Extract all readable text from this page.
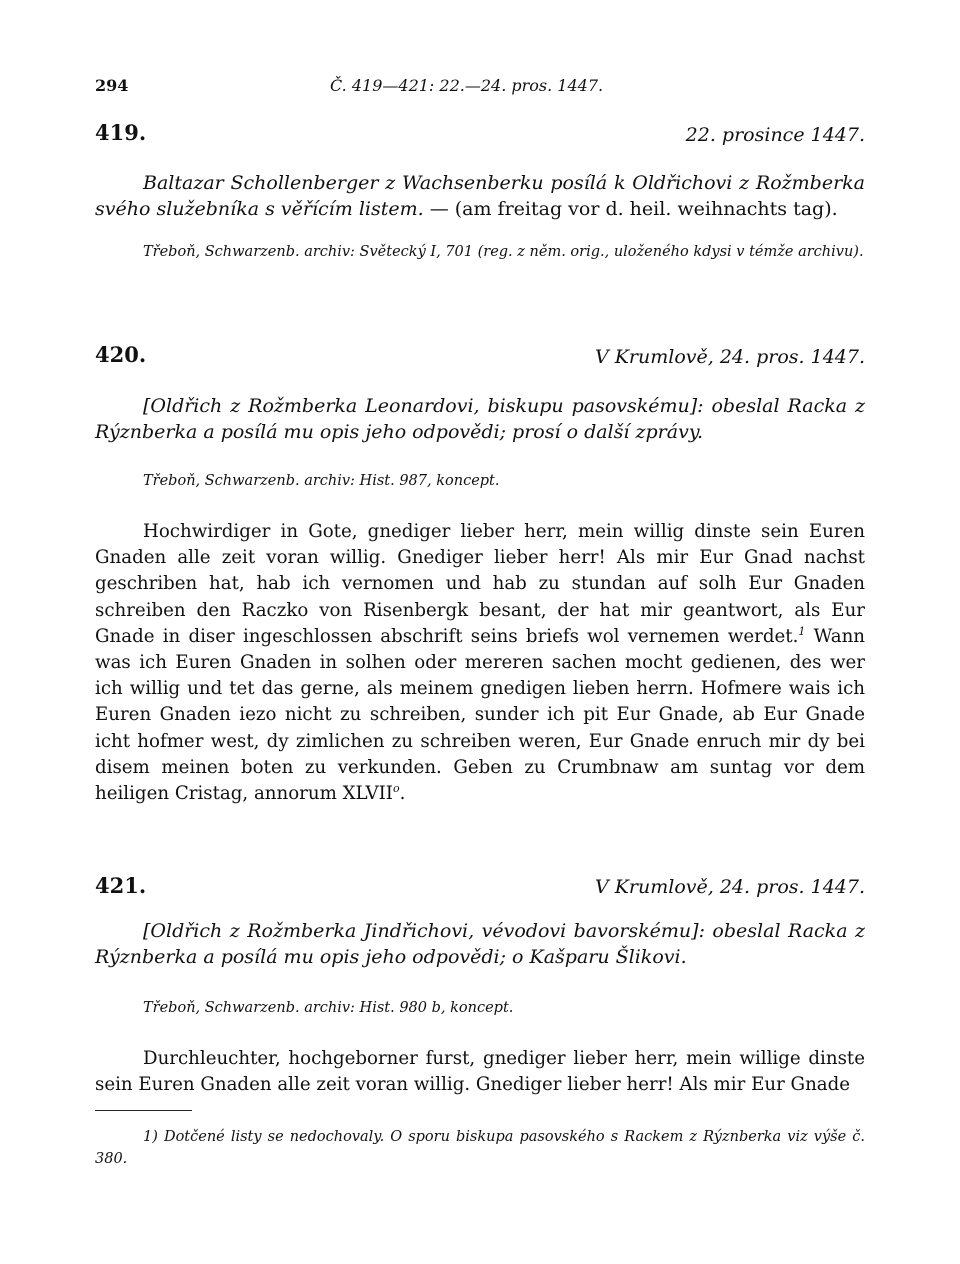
294	Č. 419—421: 22.—24. pros. 1447.
419.	22. prosince 1447.
Baltazar Schollenberger z Wachsenberku posílá k Oldřichovi z Rožmberka svého služebníka s věřícím listem. — (am freitag vor d. heil. weihnachts tag).
Třeboň, Schwarzenb. archiv: Světecký I, 701 (reg. z něm. orig., uloženého kdysi v témže archivu).
420.	V Krumlově, 24. pros. 1447.
[Oldřich z Rožmberka Leonardovi, biskupu pasovskému]: obeslal Racka z Rýznberka a posílá mu opis jeho odpovědi; prosí o další zprávy.
Třeboň, Schwarzenb. archiv: Hist. 987, koncept.
Hochwirdiger in Gote, gnediger lieber herr, mein willig dinste sein Euren Gnaden alle zeit voran willig. Gnediger lieber herr! Als mir Eur Gnad nachst geschriben hat, hab ich vernomen und hab zu stundan auf solh Eur Gnaden schreiben den Raczko von Risenbergk besant, der hat mir geantwort, als Eur Gnade in diser ingeschlossen abschrift seins briefs wol vernemen werdet.$^1$ Wann was ich Euren Gnaden in solhen oder mereren sachen mocht gedienen, des wer ich willig und tet das gerne, als meinem gnedigen lieben herrn. Hofmere wais ich Euren Gnaden iezo nicht zu schreiben, sunder ich pit Eur Gnade, ab Eur Gnade icht hofmer west, dy zimlichen zu schreiben weren, Eur Gnade enruch mir dy bei disem meinen boten zu verkunden. Geben zu Crumbnaw am suntag vor dem heiligen Cristag, annorum XLVII$^o$.
421.	V Krumlově, 24. pros. 1447.
[Oldřich z Rožmberka Jindřichovi, vévodovi bavorskému]: obeslal Racka z Rýznberka a posílá mu opis jeho odpovědi; o Kašparu Šlikovi.
Třeboň, Schwarzenb. archiv: Hist. 980 b, koncept.
Durchleuchter, hochgeborner furst, gnediger lieber herr, mein willige dinste sein Euren Gnaden alle zeit voran willig. Gnediger lieber herr! Als mir Eur Gnade
1) Dotčené listy se nedochovaly. O sporu biskupa pasovského s Rackem z Rýznberka viz výše č. 380.
